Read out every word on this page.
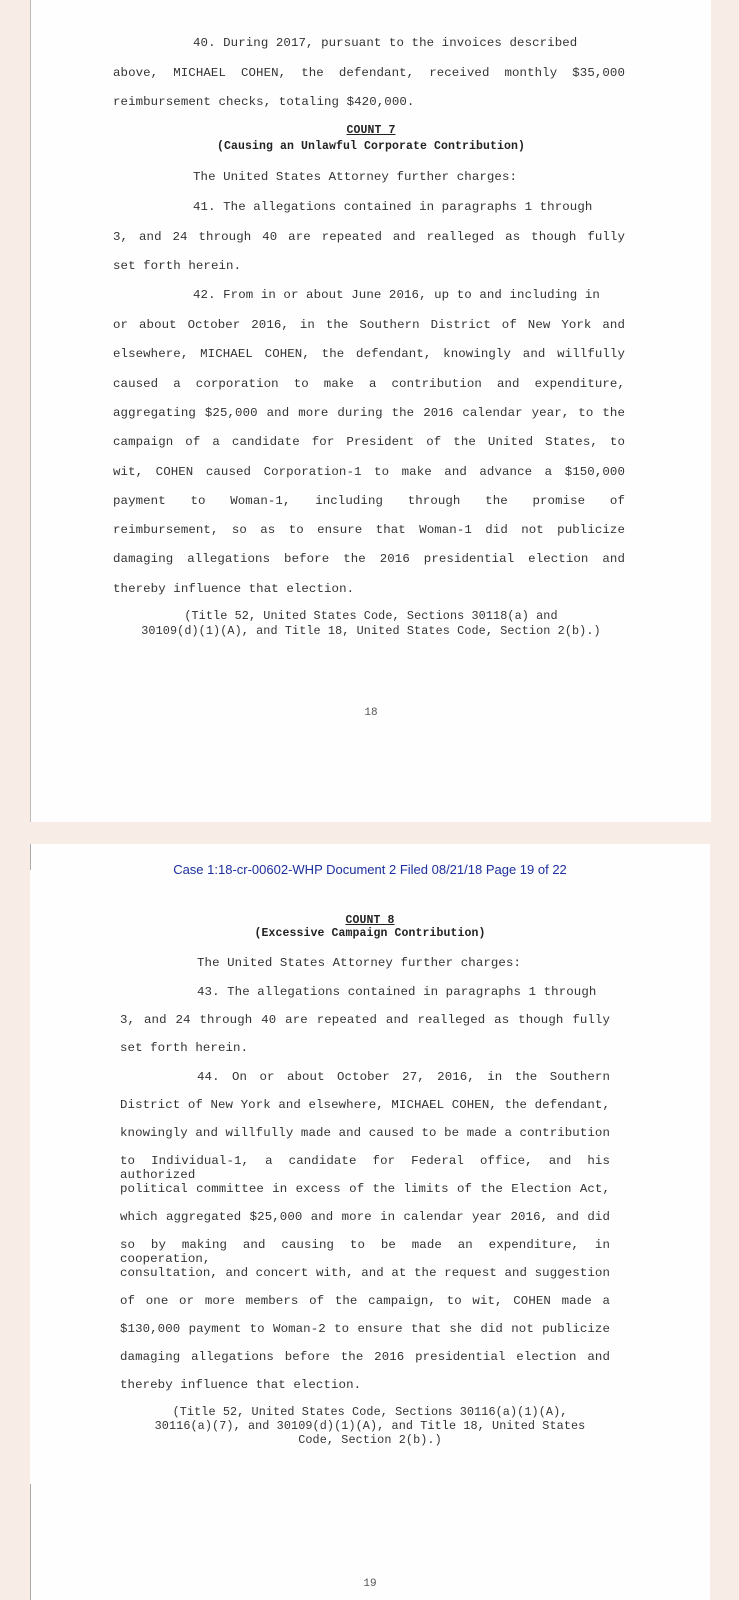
40. During 2017, pursuant to the invoices described
above, MICHAEL COHEN, the defendant, received monthly $35,000
reimbursement checks, totaling $420,000.
COUNT 7
(Causing an Unlawful Corporate Contribution)
The United States Attorney further charges:
41. The allegations contained in paragraphs 1 through
3, and 24 through 40 are repeated and realleged as though fully
set forth herein.
42. From in or about June 2016, up to and including in
or about October 2016, in the Southern District of New York and
elsewhere, MICHAEL COHEN, the defendant, knowingly and willfully
caused a corporation to make a contribution and expenditure,
aggregating $25,000 and more during the 2016 calendar year, to the
campaign of a candidate for President of the United States, to
wit, COHEN caused Corporation-1 to make and advance a $150,000
payment to Woman-1, including through the promise of
reimbursement, so as to ensure that Woman-1 did not publicize
damaging allegations before the 2016 presidential election and
thereby influence that election.
(Title 52, United States Code, Sections 30118(a) and
30109(d)(1)(A), and Title 18, United States Code, Section 2(b).)
18
Case 1:18-cr-00602-WHP Document 2 Filed 08/21/18 Page 19 of 22
COUNT 8
(Excessive Campaign Contribution)
The United States Attorney further charges:
43. The allegations contained in paragraphs 1 through
3, and 24 through 40 are repeated and realleged as though fully
set forth herein.
44. On or about October 27, 2016, in the Southern
District of New York and elsewhere, MICHAEL COHEN, the defendant,
knowingly and willfully made and caused to be made a contribution
to Individual-1, a candidate for Federal office, and his authorized
political committee in excess of the limits of the Election Act,
which aggregated $25,000 and more in calendar year 2016, and did
so by making and causing to be made an expenditure, in cooperation,
consultation, and concert with, and at the request and suggestion
of one or more members of the campaign, to wit, COHEN made a
$130,000 payment to Woman-2 to ensure that she did not publicize
damaging allegations before the 2016 presidential election and
thereby influence that election.
(Title 52, United States Code, Sections 30116(a)(1)(A),
30116(a)(7), and 30109(d)(1)(A), and Title 18, United States
Code, Section 2(b).)
19
